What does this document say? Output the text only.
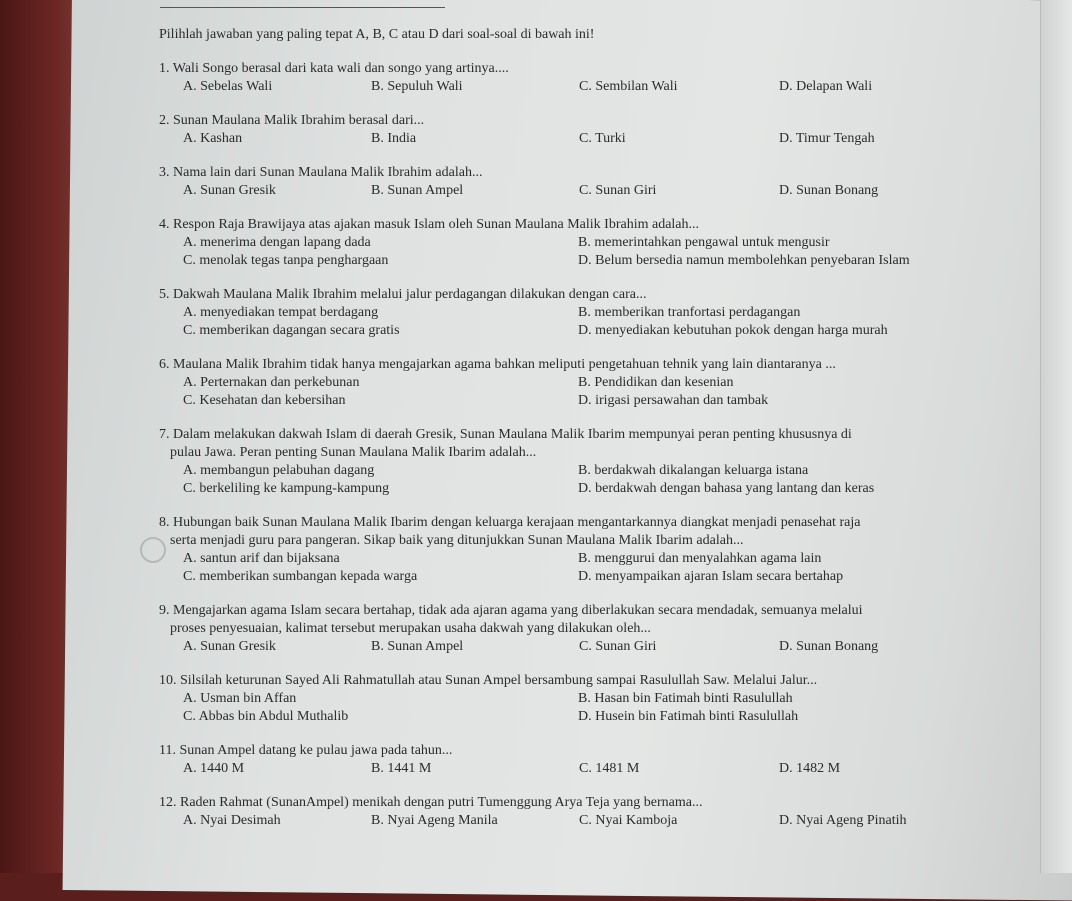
Pilihlah jawaban yang paling tepat A, B, C atau D dari soal-soal di bawah ini!
1. Wali Songo berasal dari kata wali dan songo yang artinya....
A. Sebelas Wali	B. Sepuluh Wali	C. Sembilan Wali	D. Delapan Wali
2. Sunan Maulana Malik Ibrahim berasal dari...
A. Kashan	B. India	C. Turki	D. Timur Tengah
3. Nama lain dari Sunan Maulana Malik Ibrahim adalah...
A. Sunan Gresik	B. Sunan Ampel	C. Sunan Giri	D. Sunan Bonang
4. Respon Raja Brawijaya atas ajakan masuk Islam oleh Sunan Maulana Malik Ibrahim adalah...
A. menerima dengan lapang dada	B. memerintahkan pengawal untuk mengusir
C. menolak tegas tanpa penghargaan	D. Belum bersedia namun membolehkan penyebaran Islam
5. Dakwah Maulana Malik Ibrahim melalui jalur perdagangan dilakukan dengan cara...
A. menyediakan tempat berdagang	B. memberikan tranfortasi perdagangan
C. memberikan dagangan secara gratis	D. menyediakan kebutuhan pokok dengan harga murah
6. Maulana Malik Ibrahim tidak hanya mengajarkan agama bahkan meliputi pengetahuan tehnik yang lain diantaranya ...
A. Perternakan dan perkebunan	B. Pendidikan dan kesenian
C. Kesehatan dan kebersihan	D. irigasi persawahan dan tambak
7. Dalam melakukan dakwah Islam di daerah Gresik, Sunan Maulana Malik Ibarim mempunyai peran penting khususnya di
pulau Jawa. Peran penting Sunan Maulana Malik Ibarim adalah...
A. membangun pelabuhan dagang	B. berdakwah dikalangan keluarga istana
C. berkeliling ke kampung-kampung	D. berdakwah dengan bahasa yang lantang dan keras
8. Hubungan baik Sunan Maulana Malik Ibarim dengan keluarga kerajaan mengantarkannya diangkat menjadi penasehat raja
serta menjadi guru para pangeran. Sikap baik yang ditunjukkan Sunan Maulana Malik Ibarim adalah...
A. santun arif dan bijaksana	B. menggurui dan menyalahkan agama lain
C. memberikan sumbangan kepada warga	D. menyampaikan ajaran Islam secara bertahap
9. Mengajarkan agama Islam secara bertahap, tidak ada ajaran agama yang diberlakukan secara mendadak, semuanya melalui
proses penyesuaian, kalimat tersebut merupakan usaha dakwah yang dilakukan oleh...
A. Sunan Gresik	B. Sunan Ampel	C. Sunan Giri	D. Sunan Bonang
10. Silsilah keturunan Sayed Ali Rahmatullah atau Sunan Ampel bersambung sampai Rasulullah Saw. Melalui Jalur...
A. Usman bin Affan	B. Hasan bin Fatimah binti Rasulullah
C. Abbas bin Abdul Muthalib	D. Husein bin Fatimah binti Rasulullah
11. Sunan Ampel datang ke pulau jawa pada tahun...
A. 1440 M	B. 1441 M	C. 1481 M	D. 1482 M
12. Raden Rahmat (SunanAmpel) menikah dengan putri Tumenggung Arya Teja yang bernama...
A. Nyai Desimah	B. Nyai Ageng Manila	C. Nyai Kamboja	D. Nyai Ageng Pinatih
